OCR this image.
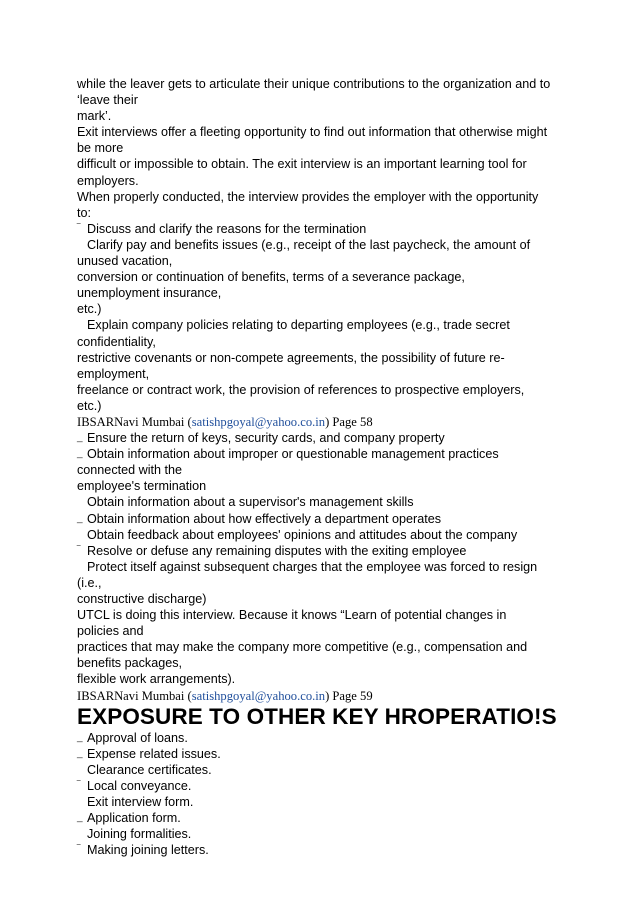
while the leaver gets to articulate their unique contributions to the organization and to
‘leave their
mark’.
Exit interviews offer a fleeting opportunity to find out information that otherwise might
be more
difficult or impossible to obtain. The exit interview is an important learning tool for
employers.
When properly conducted, the interview provides the employer with the opportunity
to:
‾ Discuss and clarify the reasons for the termination
Clarify pay and benefits issues (e.g., receipt of the last paycheck, the amount of
unused vacation,
conversion or continuation of benefits, terms of a severance package,
unemployment insurance,
etc.)
Explain company policies relating to departing employees (e.g., trade secret
confidentiality,
restrictive covenants or non-compete agreements, the possibility of future re-
employment,
freelance or contract work, the provision of references to prospective employers,
etc.)
IBSARNavi Mumbai (satishpgoyal@yahoo.co.in) Page 58
_ Ensure the return of keys, security cards, and company property
_ Obtain information about improper or questionable management practices
connected with the
employee's termination
Obtain information about a supervisor's management skills
_ Obtain information about how effectively a department operates
Obtain feedback about employees' opinions and attitudes about the company
‾ Resolve or defuse any remaining disputes with the exiting employee
Protect itself against subsequent charges that the employee was forced to resign
(i.e.,
constructive discharge)
UTCL is doing this interview. Because it knows “Learn of potential changes in
policies and
practices that may make the company more competitive (e.g., compensation and
benefits packages,
flexible work arrangements).
IBSARNavi Mumbai (satishpgoyal@yahoo.co.in) Page 59
EXPOSURE TO OTHER KEY HROPERATIO!S
_ Approval of loans.
_ Expense related issues.
Clearance certificates.
‾ Local conveyance.
Exit interview form.
_ Application form.
Joining formalities.
‾ Making joining letters.
